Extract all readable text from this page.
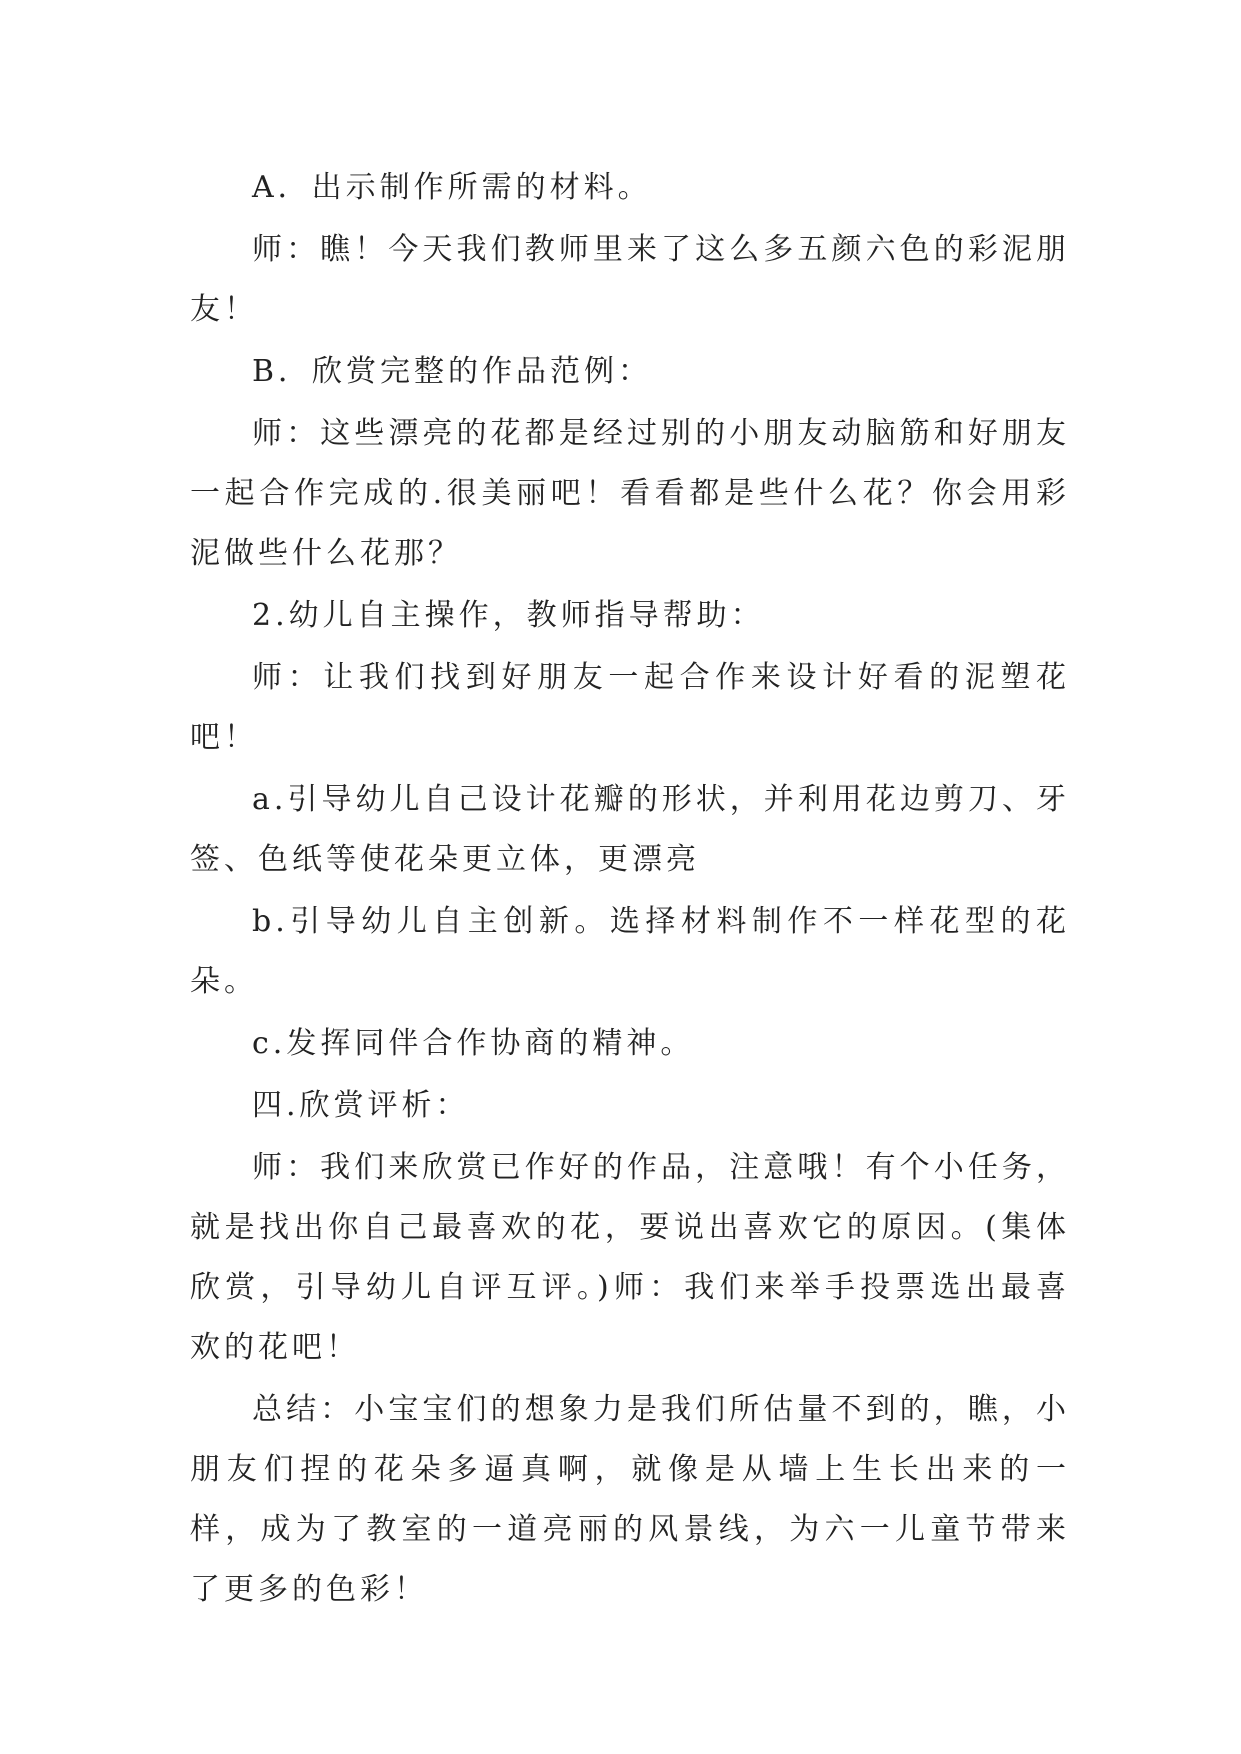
A．出示制作所需的材料。

师：瞧！今天我们教师里来了这么多五颜六色的彩泥朋友！

B．欣赏完整的作品范例：

师：这些漂亮的花都是经过别的小朋友动脑筋和好朋友一起合作完成的.很美丽吧！看看都是些什么花？你会用彩泥做些什么花那？

2.幼儿自主操作，教师指导帮助：

师：让我们找到好朋友一起合作来设计好看的泥塑花吧！

a.引导幼儿自己设计花瓣的形状，并利用花边剪刀、牙签、色纸等使花朵更立体，更漂亮

b.引导幼儿自主创新。选择材料制作不一样花型的花朵。

c.发挥同伴合作协商的精神。

四.欣赏评析：

师：我们来欣赏已作好的作品，注意哦！有个小任务，就是找出你自己最喜欢的花，要说出喜欢它的原因。(集体欣赏，引导幼儿自评互评。)师：我们来举手投票选出最喜欢的花吧！

总结：小宝宝们的想象力是我们所估量不到的，瞧，小朋友们捏的花朵多逼真啊，就像是从墙上生长出来的一样，成为了教室的一道亮丽的风景线，为六一儿童节带来了更多的色彩！
